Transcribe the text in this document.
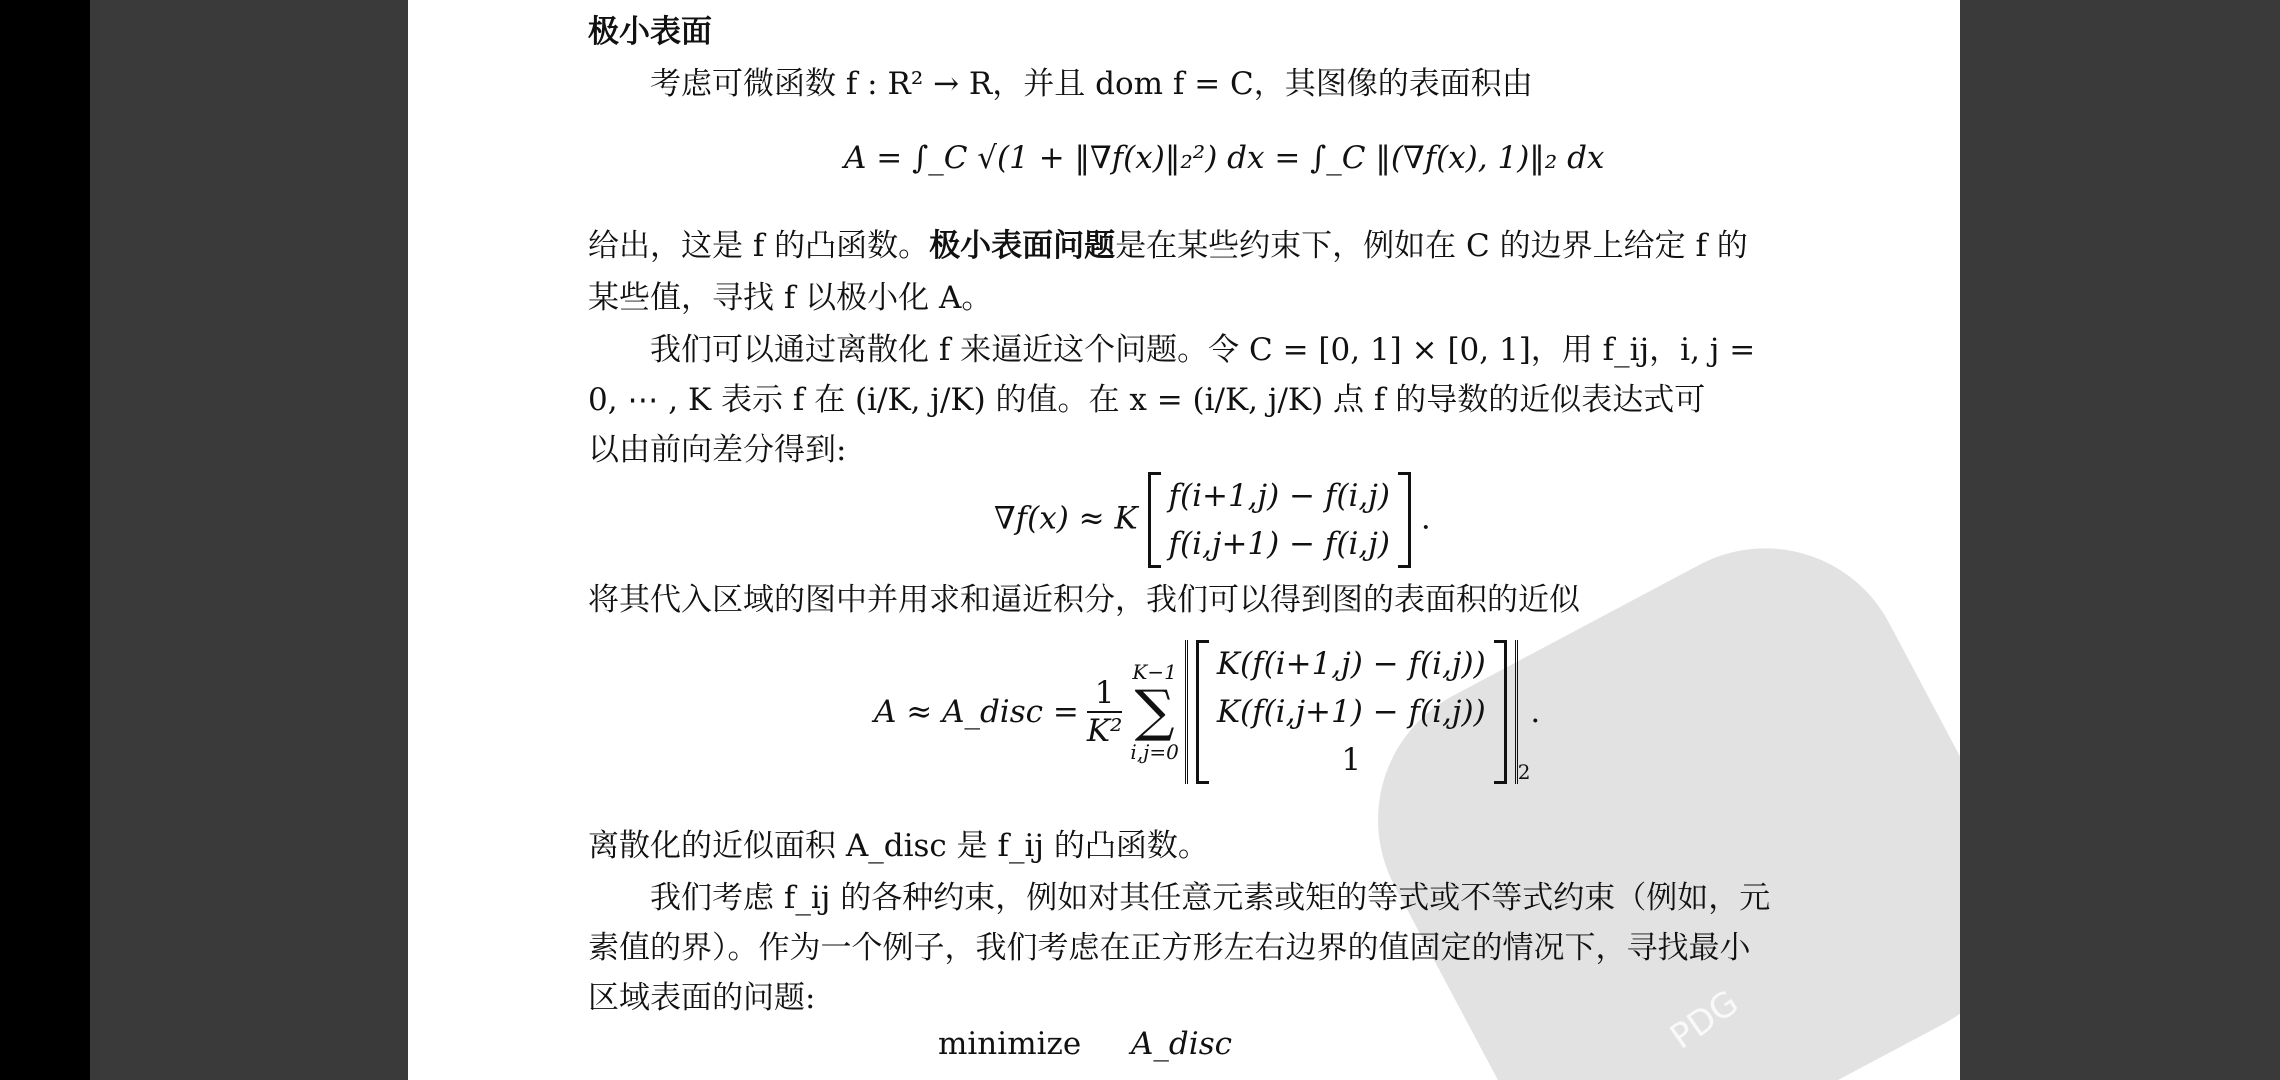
PDG
极小表面
考虑可微函数 f : R² → R，并且 dom f = C，其图像的表面积由
A = ∫_C √(1 + ‖∇f(x)‖₂²) dx = ∫_C ‖(∇f(x), 1)‖₂ dx
给出，这是 f 的凸函数。极小表面问题是在某些约束下，例如在 C 的边界上给定 f 的
某些值，寻找 f 以极小化 A。
我们可以通过离散化 f 来逼近这个问题。令 C = [0, 1] × [0, 1]，用 f_ij，i, j =
0, ⋯ , K 表示 f 在 (i/K, j/K) 的值。在 x = (i/K, j/K) 点 f 的导数的近似表达式可
以由前向差分得到:
∇f(x) ≈ K
f(i+1,j) − f(i,j)
f(i,j+1) − f(i,j)
.
将其代入区域的图中并用求和逼近积分，我们可以得到图的表面积的近似
A ≈ A_disc = $\frac{1}{\text{K²}}$
K−1
∑
i,j=0
K(f(i+1,j) − f(i,j))
K(f(i,j+1) − f(i,j))
1	2
.
离散化的近似面积 A_disc 是 f_ij 的凸函数。
我们考虑 f_ij 的各种约束，例如对其任意元素或矩的等式或不等式约束（例如，元
素值的界）。作为一个例子，我们考虑在正方形左右边界的值固定的情况下，寻找最小
区域表面的问题:
minimize A_disc
